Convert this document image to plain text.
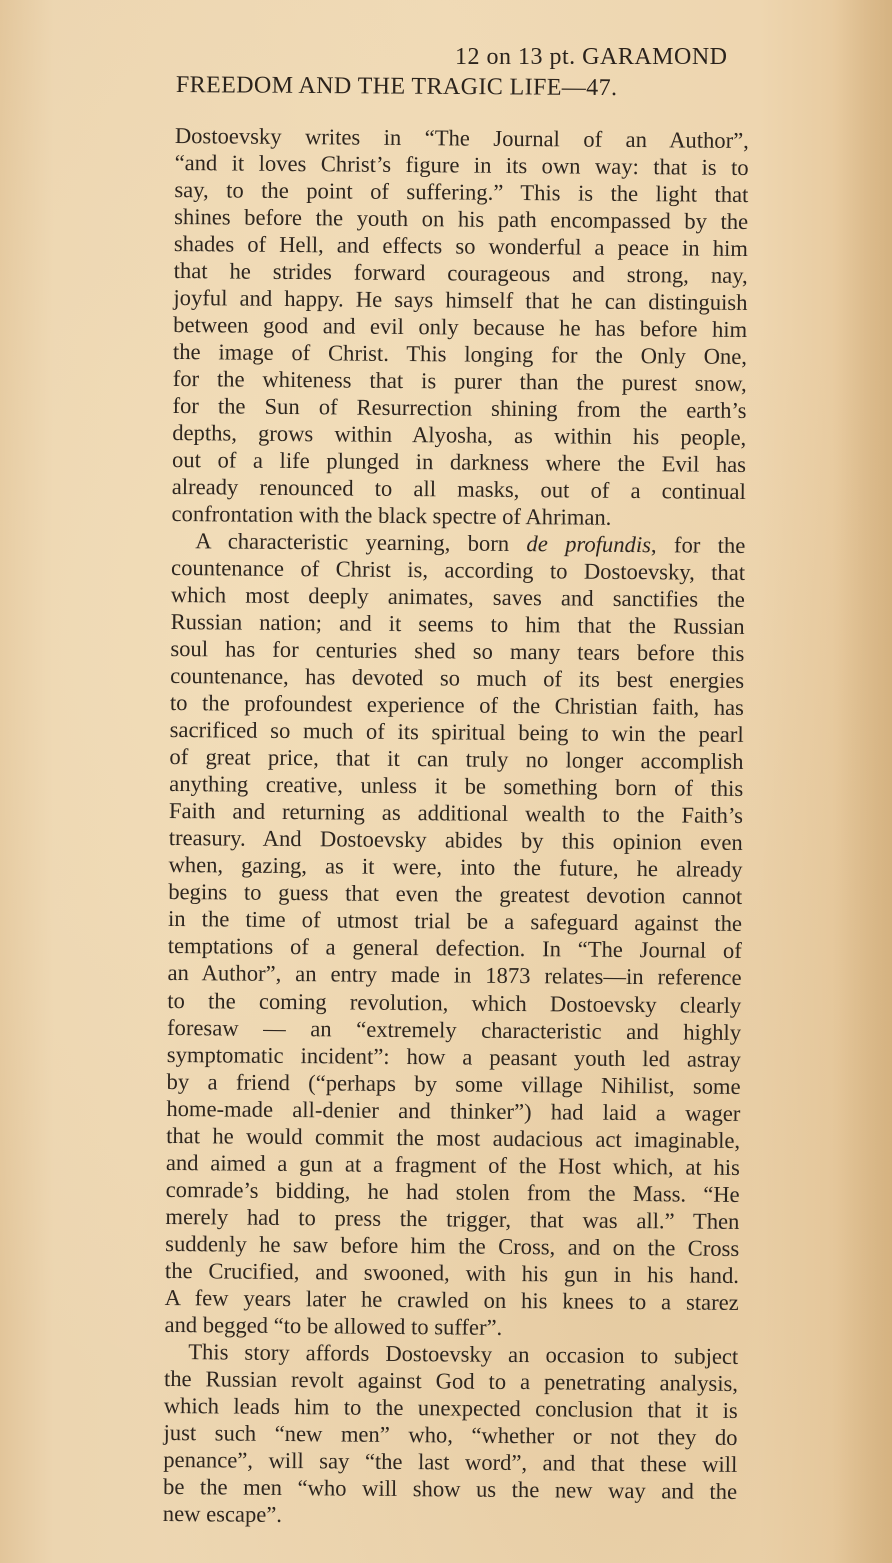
12 on 13 pt. GARAMOND
FREEDOM AND THE TRAGIC LIFE—47.
Dostoevsky writes in “The Journal of an Author”,
“and it loves Christ’s figure in its own way: that is to
say, to the point of suffering.” This is the light that
shines before the youth on his path encompassed by the
shades of Hell, and effects so wonderful a peace in him
that he strides forward courageous and strong, nay,
joyful and happy. He says himself that he can distinguish
between good and evil only because he has before him
the image of Christ. This longing for the Only One,
for the whiteness that is purer than the purest snow,
for the Sun of Resurrection shining from the earth’s
depths, grows within Alyosha, as within his people,
out of a life plunged in darkness where the Evil has
already renounced to all masks, out of a continual
confrontation with the black spectre of Ahriman.
A characteristic yearning, born de profundis, for the
countenance of Christ is, according to Dostoevsky, that
which most deeply animates, saves and sanctifies the
Russian nation; and it seems to him that the Russian
soul has for centuries shed so many tears before this
countenance, has devoted so much of its best energies
to the profoundest experience of the Christian faith, has
sacrificed so much of its spiritual being to win the pearl
of great price, that it can truly no longer accomplish
anything creative, unless it be something born of this
Faith and returning as additional wealth to the Faith’s
treasury. And Dostoevsky abides by this opinion even
when, gazing, as it were, into the future, he already
begins to guess that even the greatest devotion cannot
in the time of utmost trial be a safeguard against the
temptations of a general defection. In “The Journal of
an Author”, an entry made in 1873 relates—in reference
to the coming revolution, which Dostoevsky clearly
foresaw — an “extremely characteristic and highly
symptomatic incident”: how a peasant youth led astray
by a friend (“perhaps by some village Nihilist, some
home-made all-denier and thinker”) had laid a wager
that he would commit the most audacious act imaginable,
and aimed a gun at a fragment of the Host which, at his
comrade’s bidding, he had stolen from the Mass. “He
merely had to press the trigger, that was all.” Then
suddenly he saw before him the Cross, and on the Cross
the Crucified, and swooned, with his gun in his hand.
A few years later he crawled on his knees to a starez
and begged “to be allowed to suffer”.
This story affords Dostoevsky an occasion to subject
the Russian revolt against God to a penetrating analysis,
which leads him to the unexpected conclusion that it is
just such “new men” who, “whether or not they do
penance”, will say “the last word”, and that these will
be the men “who will show us the new way and the
new escape”.
